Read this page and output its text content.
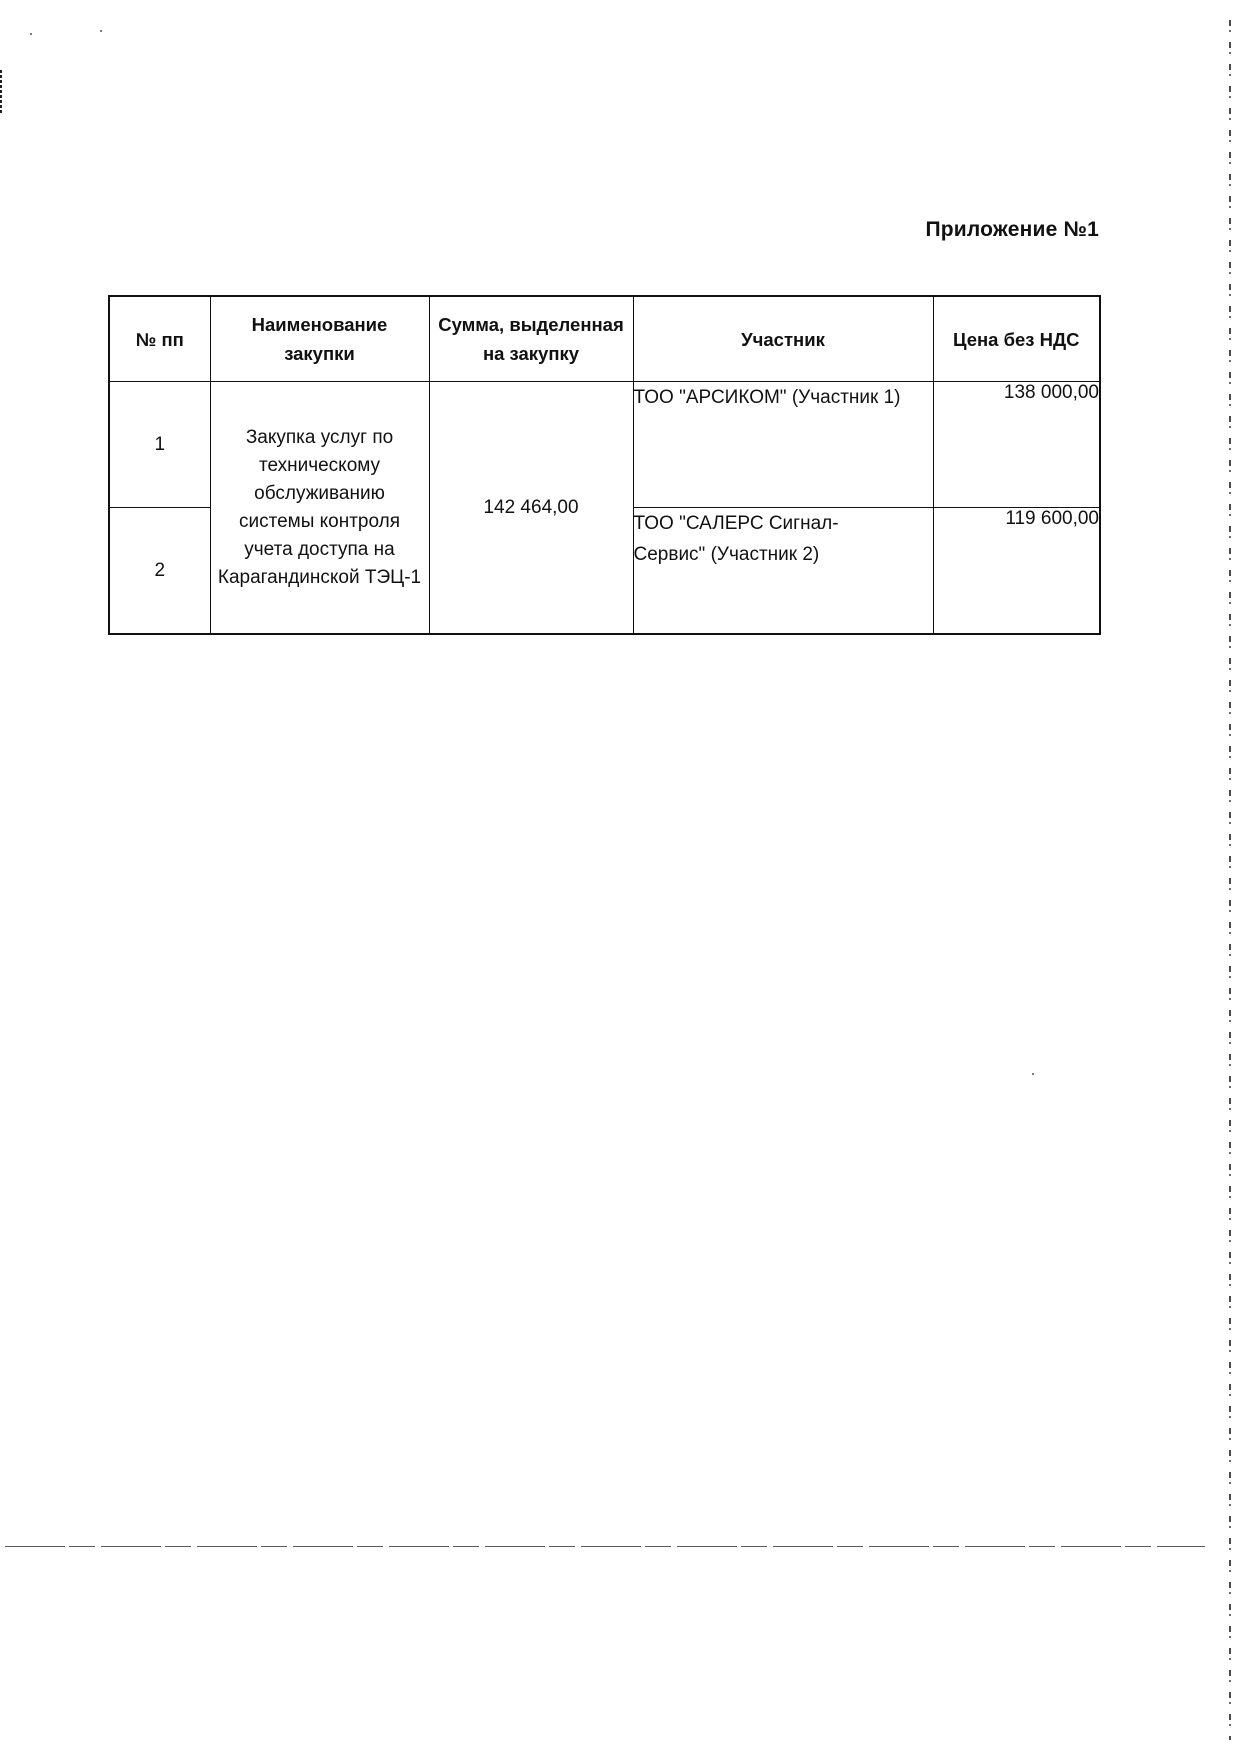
Приложение №1
№ пп	Наименование закупки	Сумма, выделенная на закупку	Участник	Цена без НДС
1	Закупка услуг по техническому обслуживанию системы контроля учета доступа на Карагандинской ТЭЦ-1	142 464,00	ТОО "АРСИКОМ" (Участник 1)	138 000,00
2			ТОО "САЛЕРС Сигнал-Сервис" (Участник 2)	119 600,00
